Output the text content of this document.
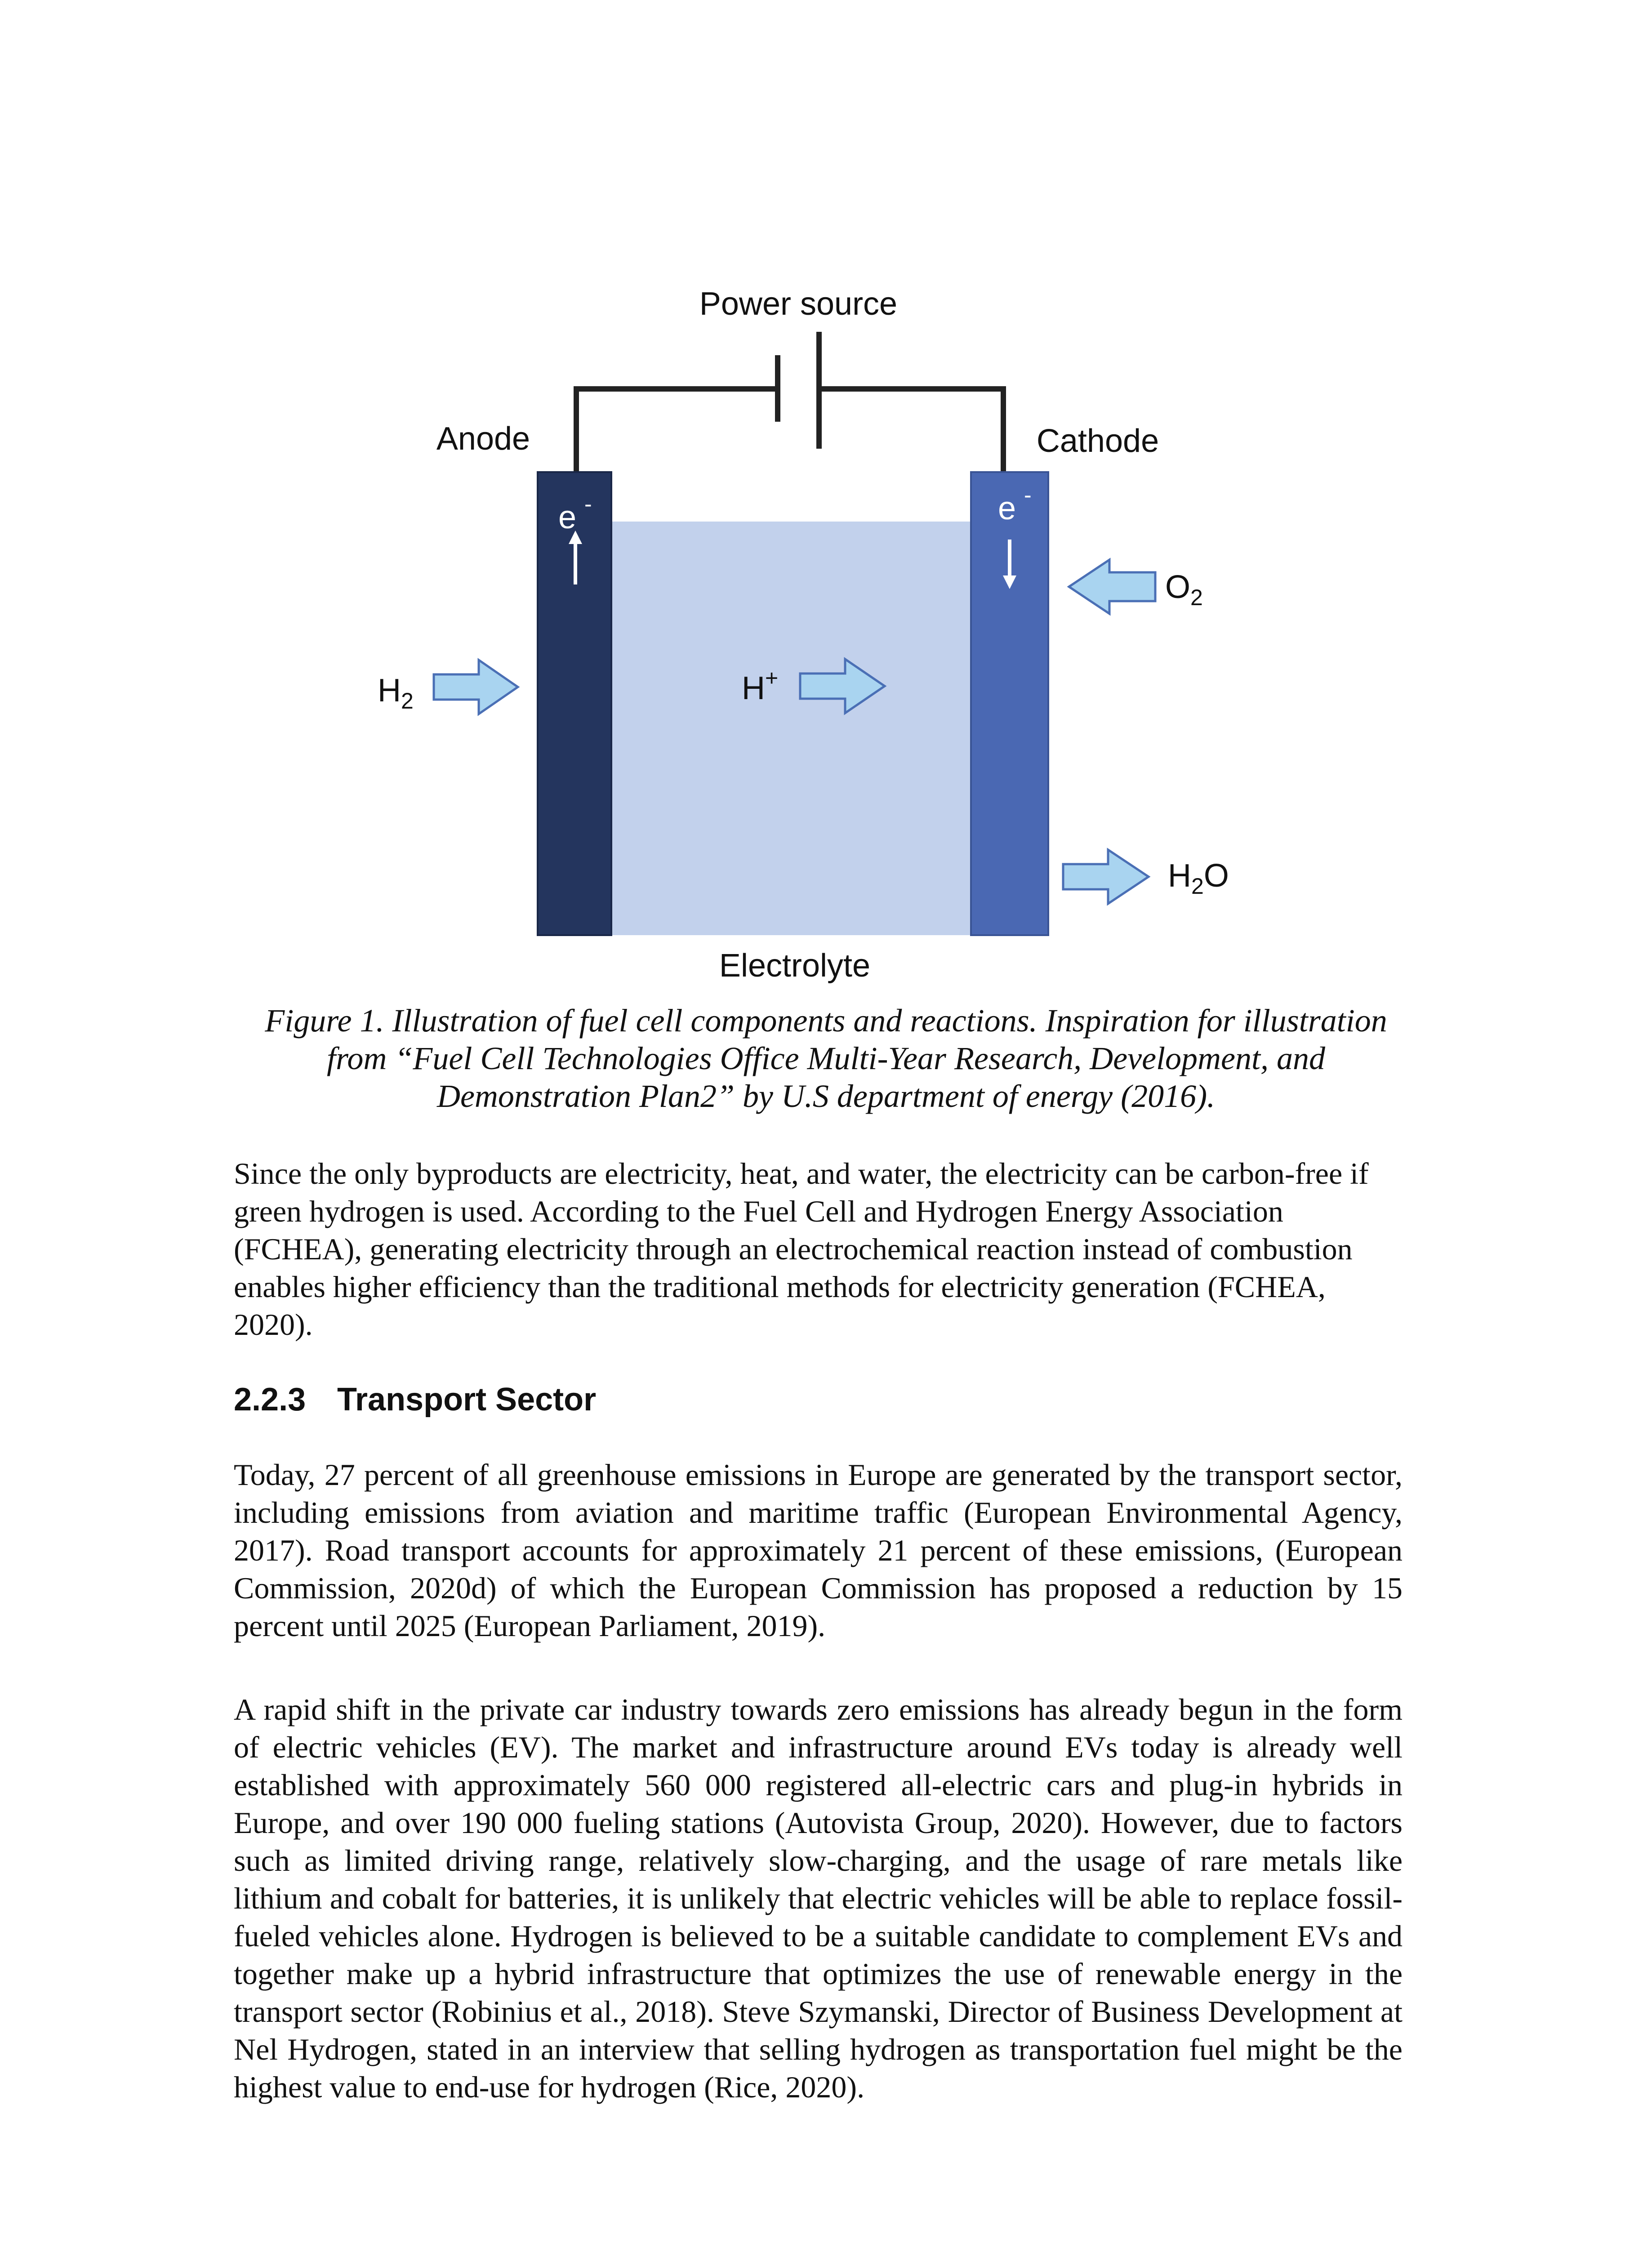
Power source
Anode	Cathode
e -	e -
$O_2$
$H_2$	H+
$H_2O$
Electrolyte

Figure 1. Illustration of fuel cell components and reactions. Inspiration for illustration
from “Fuel Cell Technologies Office Multi-Year Research, Development, and
Demonstration Plan2” by U.S department of energy (2016).

Since the only byproducts are electricity, heat, and water, the electricity can be carbon-free if green hydrogen is used. According to the Fuel Cell and Hydrogen Energy Association (FCHEA), generating electricity through an electrochemical reaction instead of combustion enables higher efficiency than the traditional methods for electricity generation (FCHEA, 2020).

2.2.3 Transport Sector

Today, 27 percent of all greenhouse emissions in Europe are generated by the transport sector, including emissions from aviation and maritime traffic (European Environmental Agency, 2017). Road transport accounts for approximately 21 percent of these emissions, (European Commission, 2020d) of which the European Commission has proposed a reduction by 15 percent until 2025 (European Parliament, 2019).

A rapid shift in the private car industry towards zero emissions has already begun in the form of electric vehicles (EV). The market and infrastructure around EVs today is already well established with approximately 560 000 registered all-electric cars and plug-in hybrids in Europe, and over 190 000 fueling stations (Autovista Group, 2020). However, due to factors such as limited driving range, relatively slow-charging, and the usage of rare metals like lithium and cobalt for batteries, it is unlikely that electric vehicles will be able to replace fossil-fueled vehicles alone. Hydrogen is believed to be a suitable candidate to complement EVs and together make up a hybrid infrastructure that optimizes the use of renewable energy in the transport sector (Robinius et al., 2018). Steve Szymanski, Director of Business Development at Nel Hydrogen, stated in an interview that selling hydrogen as transportation fuel might be the highest value to end-use for hydrogen (Rice, 2020).
